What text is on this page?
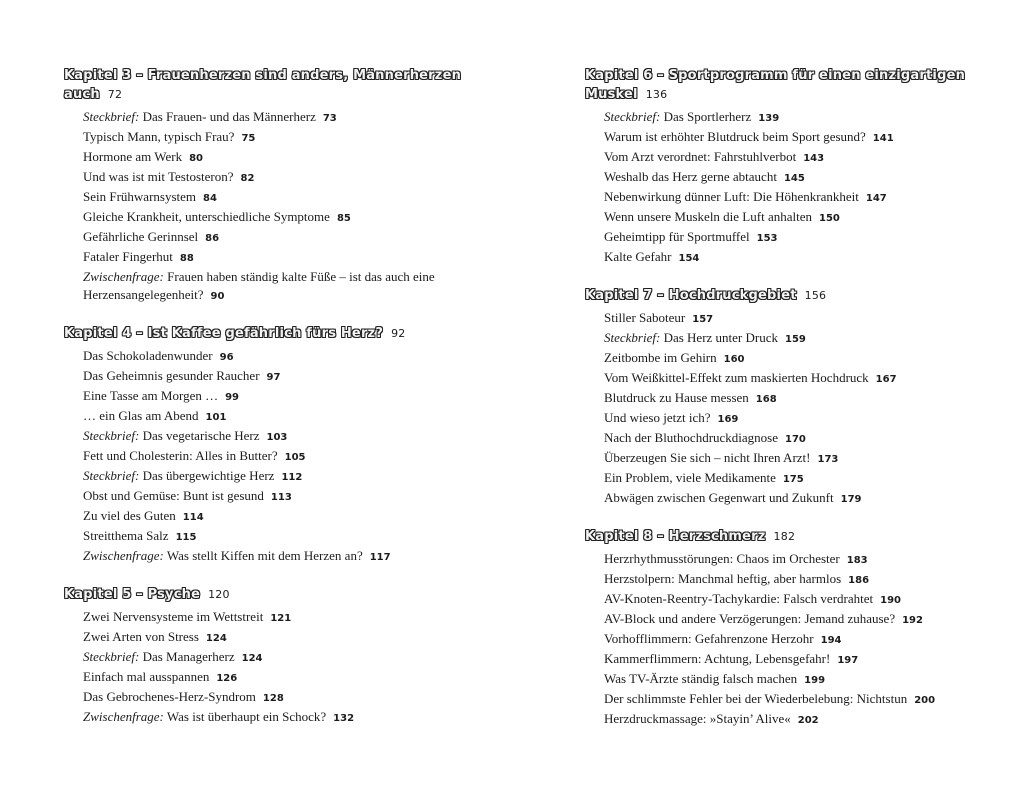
Kapitel 3 – Frauenherzen sind anders, Männerherzen auch 72
Steckbrief: Das Frauen- und das Männerherz 73
Typisch Mann, typisch Frau? 75
Hormone am Werk 80
Und was ist mit Testosteron? 82
Sein Frühwarnsystem 84
Gleiche Krankheit, unterschiedliche Symptome 85
Gefährliche Gerinnsel 86
Fataler Fingerhut 88
Zwischenfrage: Frauen haben ständig kalte Füße – ist das auch eine Herzensangelegenheit? 90
Kapitel 4 – Ist Kaffee gefährlich fürs Herz? 92
Das Schokoladenwunder 96
Das Geheimnis gesunder Raucher 97
Eine Tasse am Morgen … 99
… ein Glas am Abend 101
Steckbrief: Das vegetarische Herz 103
Fett und Cholesterin: Alles in Butter? 105
Steckbrief: Das übergewichtige Herz 112
Obst und Gemüse: Bunt ist gesund 113
Zu viel des Guten 114
Streitthema Salz 115
Zwischenfrage: Was stellt Kiffen mit dem Herzen an? 117
Kapitel 5 – Psyche 120
Zwei Nervensysteme im Wettstreit 121
Zwei Arten von Stress 124
Steckbrief: Das Managerherz 124
Einfach mal ausspannen 126
Das Gebrochenes-Herz-Syndrom 128
Zwischenfrage: Was ist überhaupt ein Schock? 132
Kapitel 6 – Sportprogramm für einen einzigartigen Muskel 136
Steckbrief: Das Sportlerherz 139
Warum ist erhöhter Blutdruck beim Sport gesund? 141
Vom Arzt verordnet: Fahrstuhlverbot 143
Weshalb das Herz gerne abtaucht 145
Nebenwirkung dünner Luft: Die Höhenkrankheit 147
Wenn unsere Muskeln die Luft anhalten 150
Geheimtipp für Sportmuffel 153
Kalte Gefahr 154
Kapitel 7 – Hochdruckgebiet 156
Stiller Saboteur 157
Steckbrief: Das Herz unter Druck 159
Zeitbombe im Gehirn 160
Vom Weißkittel-Effekt zum maskierten Hochdruck 167
Blutdruck zu Hause messen 168
Und wieso jetzt ich? 169
Nach der Bluthochdruckdiagnose 170
Überzeugen Sie sich – nicht Ihren Arzt! 173
Ein Problem, viele Medikamente 175
Abwägen zwischen Gegenwart und Zukunft 179
Kapitel 8 – Herzschmerz 182
Herzrhythmusstörungen: Chaos im Orchester 183
Herzstolpern: Manchmal heftig, aber harmlos 186
AV-Knoten-Reentry-Tachykardie: Falsch verdrahtet 190
AV-Block und andere Verzögerungen: Jemand zuhause? 192
Vorhofflimmern: Gefahrenzone Herzohr 194
Kammerflimmern: Achtung, Lebensgefahr! 197
Was TV-Ärzte ständig falsch machen 199
Der schlimmste Fehler bei der Wiederbelebung: Nichtstun 200
Herzdruckmassage: »Stayin’ Alive« 202
